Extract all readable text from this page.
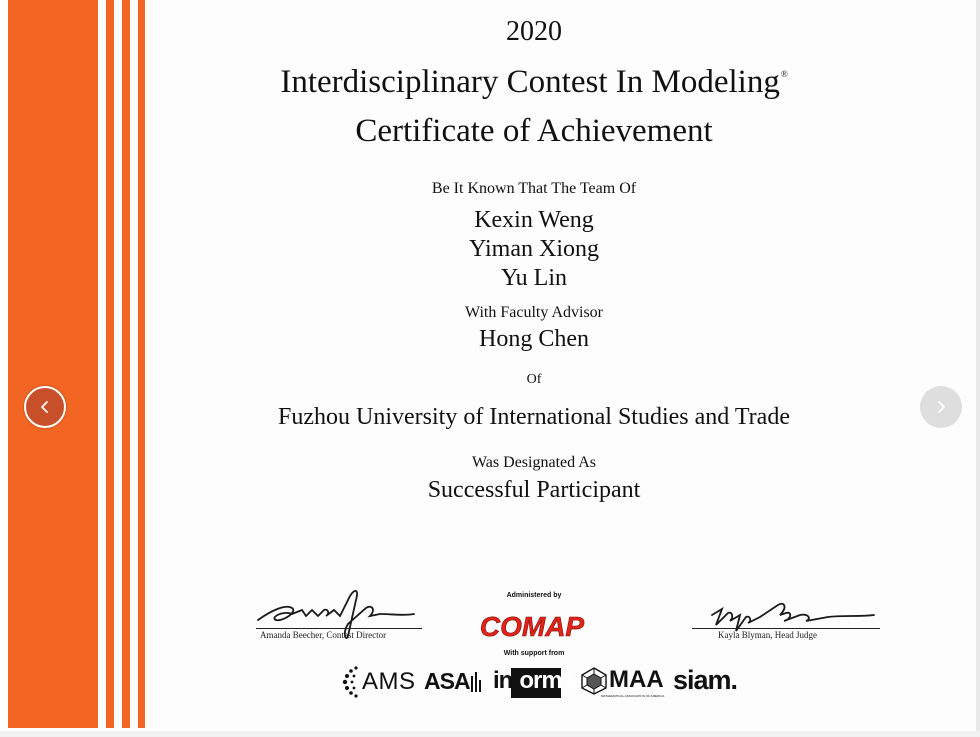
2020
Interdisciplinary Contest In Modeling®
Certificate of Achievement
Be It Known That The Team Of
Kexin Weng
Yiman Xiong
Yu Lin
With Faculty Advisor
Hong Chen
Of
Fuzhou University of International Studies and Trade
Was Designated As
Successful Participant
Amanda Beecher, Contest Director	Kayla Blyman, Head Judge
Administered by
COMAP
With support from
AMS ASA informs MAA
MATHEMATICAL ASSOCIATION OF AMERICA
siam.
